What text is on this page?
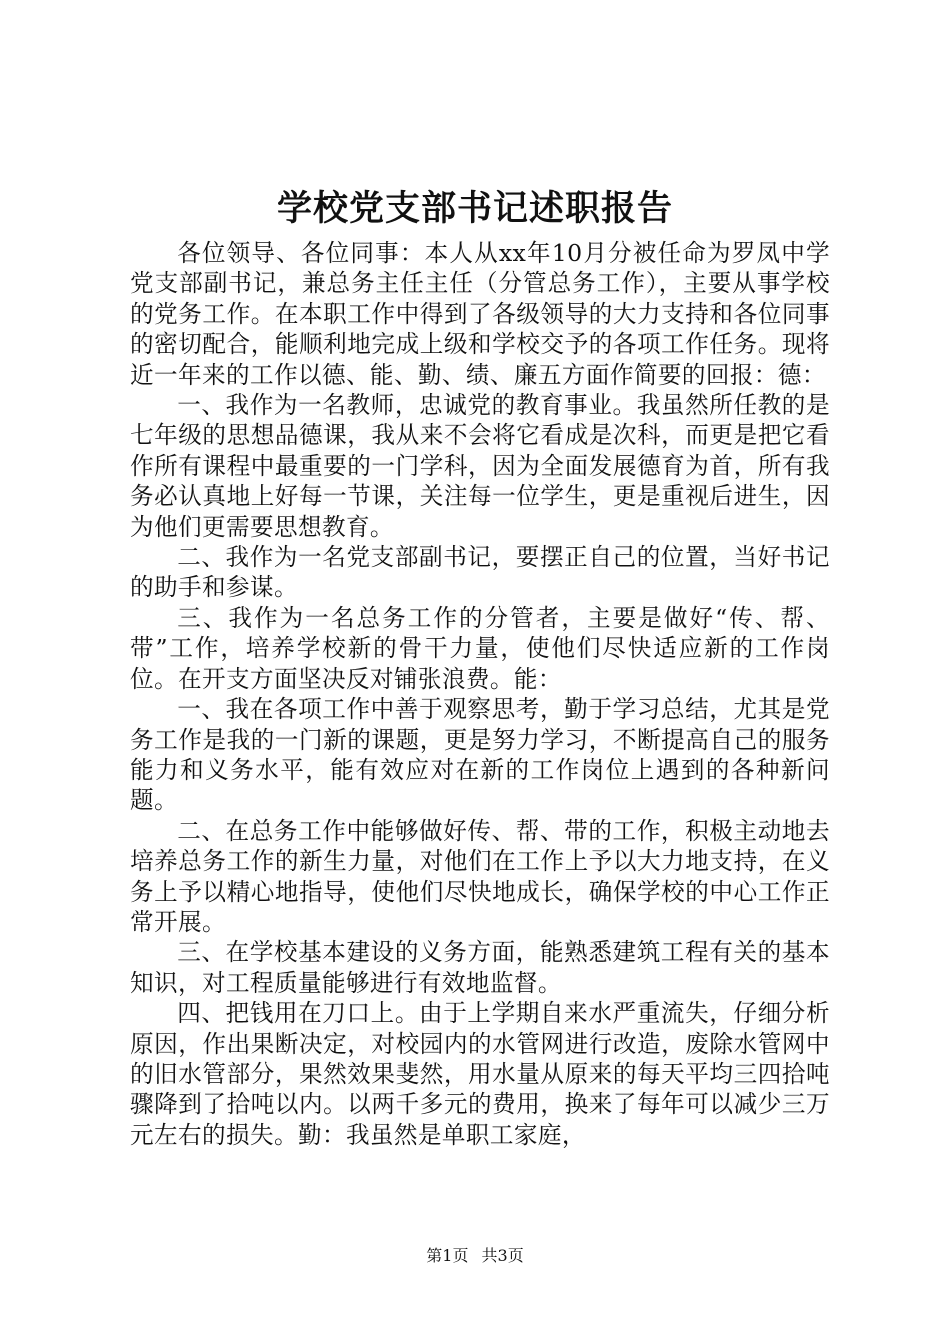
学校党支部书记述职报告

各位领导、各位同事：本人从xx年10月分被任命为罗凤中学党支部副书记，兼总务主任主任（分管总务工作），主要从事学校的党务工作。在本职工作中得到了各级领导的大力支持和各位同事的密切配合，能顺利地完成上级和学校交予的各项工作任务。现将近一年来的工作以德、能、勤、绩、廉五方面作简要的回报：德：

一、我作为一名教师，忠诚党的教育事业。我虽然所任教的是七年级的思想品德课，我从来不会将它看成是次科，而更是把它看作所有课程中最重要的一门学科，因为全面发展德育为首，所有我务必认真地上好每一节课，关注每一位学生，更是重视后进生，因为他们更需要思想教育。

二、我作为一名党支部副书记，要摆正自己的位置，当好书记的助手和参谋。

三、我作为一名总务工作的分管者，主要是做好“传、帮、带”工作，培养学校新的骨干力量，使他们尽快适应新的工作岗位。在开支方面坚决反对铺张浪费。能：

一、我在各项工作中善于观察思考，勤于学习总结，尤其是党务工作是我的一门新的课题，更是努力学习，不断提高自己的服务能力和义务水平，能有效应对在新的工作岗位上遇到的各种新问题。

二、在总务工作中能够做好传、帮、带的工作，积极主动地去培养总务工作的新生力量，对他们在工作上予以大力地支持，在义务上予以精心地指导，使他们尽快地成长，确保学校的中心工作正常开展。

三、在学校基本建设的义务方面，能熟悉建筑工程有关的基本知识，对工程质量能够进行有效地监督。

四、把钱用在刀口上。由于上学期自来水严重流失，仔细分析原因，作出果断决定，对校园内的水管网进行改造，废除水管网中的旧水管部分，果然效果斐然，用水量从原来的每天平均三四拾吨骤降到了拾吨以内。以两千多元的费用，换来了每年可以减少三万元左右的损失。勤：我虽然是单职工家庭，

第1页 共3页
